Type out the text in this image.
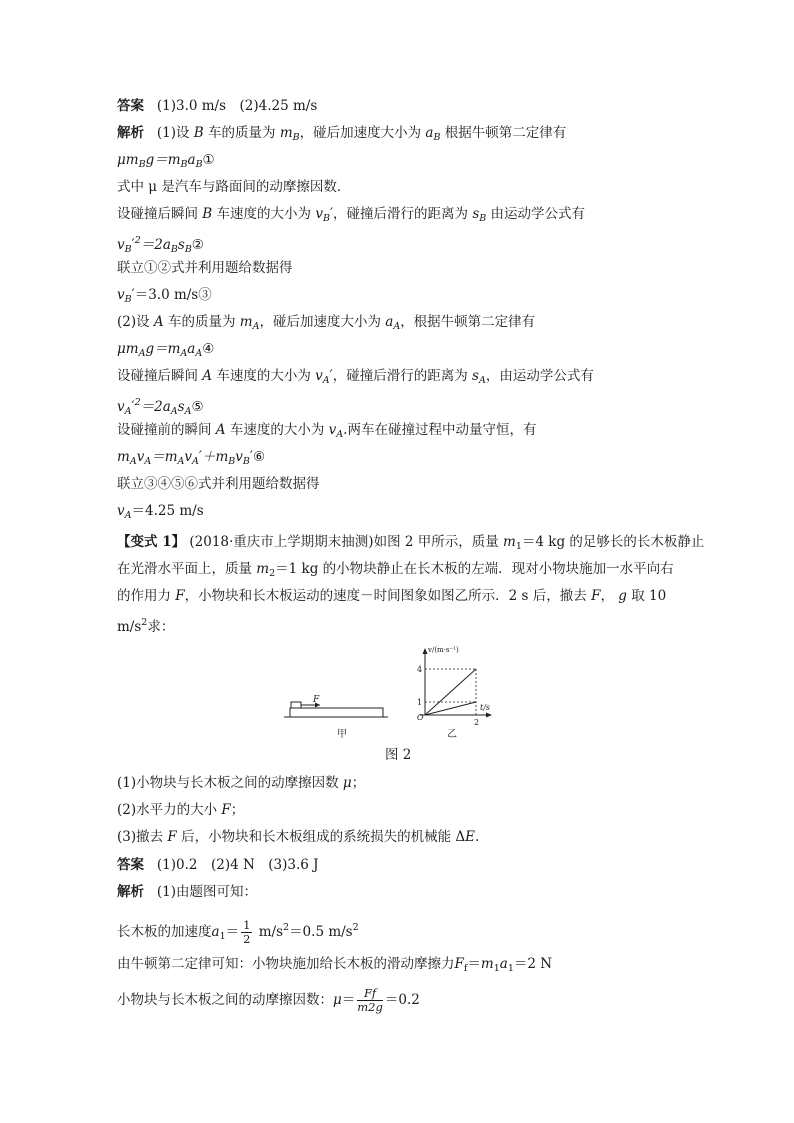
答案 (1)3.0 m/s　(2)4.25 m/s
解析 (1)设 B 车的质量为 $m_B$，碰后加速度大小为 $a_B$ 根据牛顿第二定律有
$\mu m_Bg=m_Ba_B①$
式中 μ 是汽车与路面间的动摩擦因数．
设碰撞后瞬间 B 车速度的大小为 $v_B'$，碰撞后滑行的距离为 $s_B$ 由运动学公式有
$v_B'^2=2a_Bs_B②$
联立①②式并利用题给数据得
$v_B'=3.0$ m/s③
(2)设 A 车的质量为 $m_A$，碰后加速度大小为 $a_A$，根据牛顿第二定律有
$\mu m_Ag=m_Aa_A④$
设碰撞后瞬间 A 车速度的大小为 $v_A'$，碰撞后滑行的距离为 $s_A$，由运动学公式有
$v_A'^2=2a_As_A⑤$
设碰撞前的瞬间 A 车速度的大小为 $v_A$.两车在碰撞过程中动量守恒，有
$m_Av_A=m_Av_A'+m_Bv_B'⑥$
联立③④⑤⑥式并利用题给数据得
$v_A=4.25$ m/s
【变式 1】 (2018·重庆市上学期期末抽测)如图 2 甲所示，质量 $m_1=4$ kg 的足够长的长木板静止
在光滑水平面上，质量 $m_2=1$ kg 的小物块静止在长木板的左端．现对小物块施加一水平向右
的作用力 F，小物块和长木板运动的速度－时间图象如图乙所示．2 s 后，撤去 F， g 取 10
$m/s^2$求：
F
甲
v/(m·s⁻¹)
t/s
O
4
1
2
乙
图 2
(1)小物块与长木板之间的动摩擦因数 μ；
(2)水平力的大小 F；
(3)撤去 F 后，小物块和长木板组成的系统损失的机械能 ΔE.
答案 (1)0.2　(2)4 N　(3)3.6 J
解析 (1)由题图可知：
长木板的加速度$a_1= \frac{1}{2} m/s^2=0.5$ $m/s^2$
由牛顿第二定律可知：小物块施加给长木板的滑动摩擦力$F_f=m_1a_1=2$ N
小物块与长木板之间的动摩擦因数：$\mu= \frac{Ff}{m2g} =0.2$
